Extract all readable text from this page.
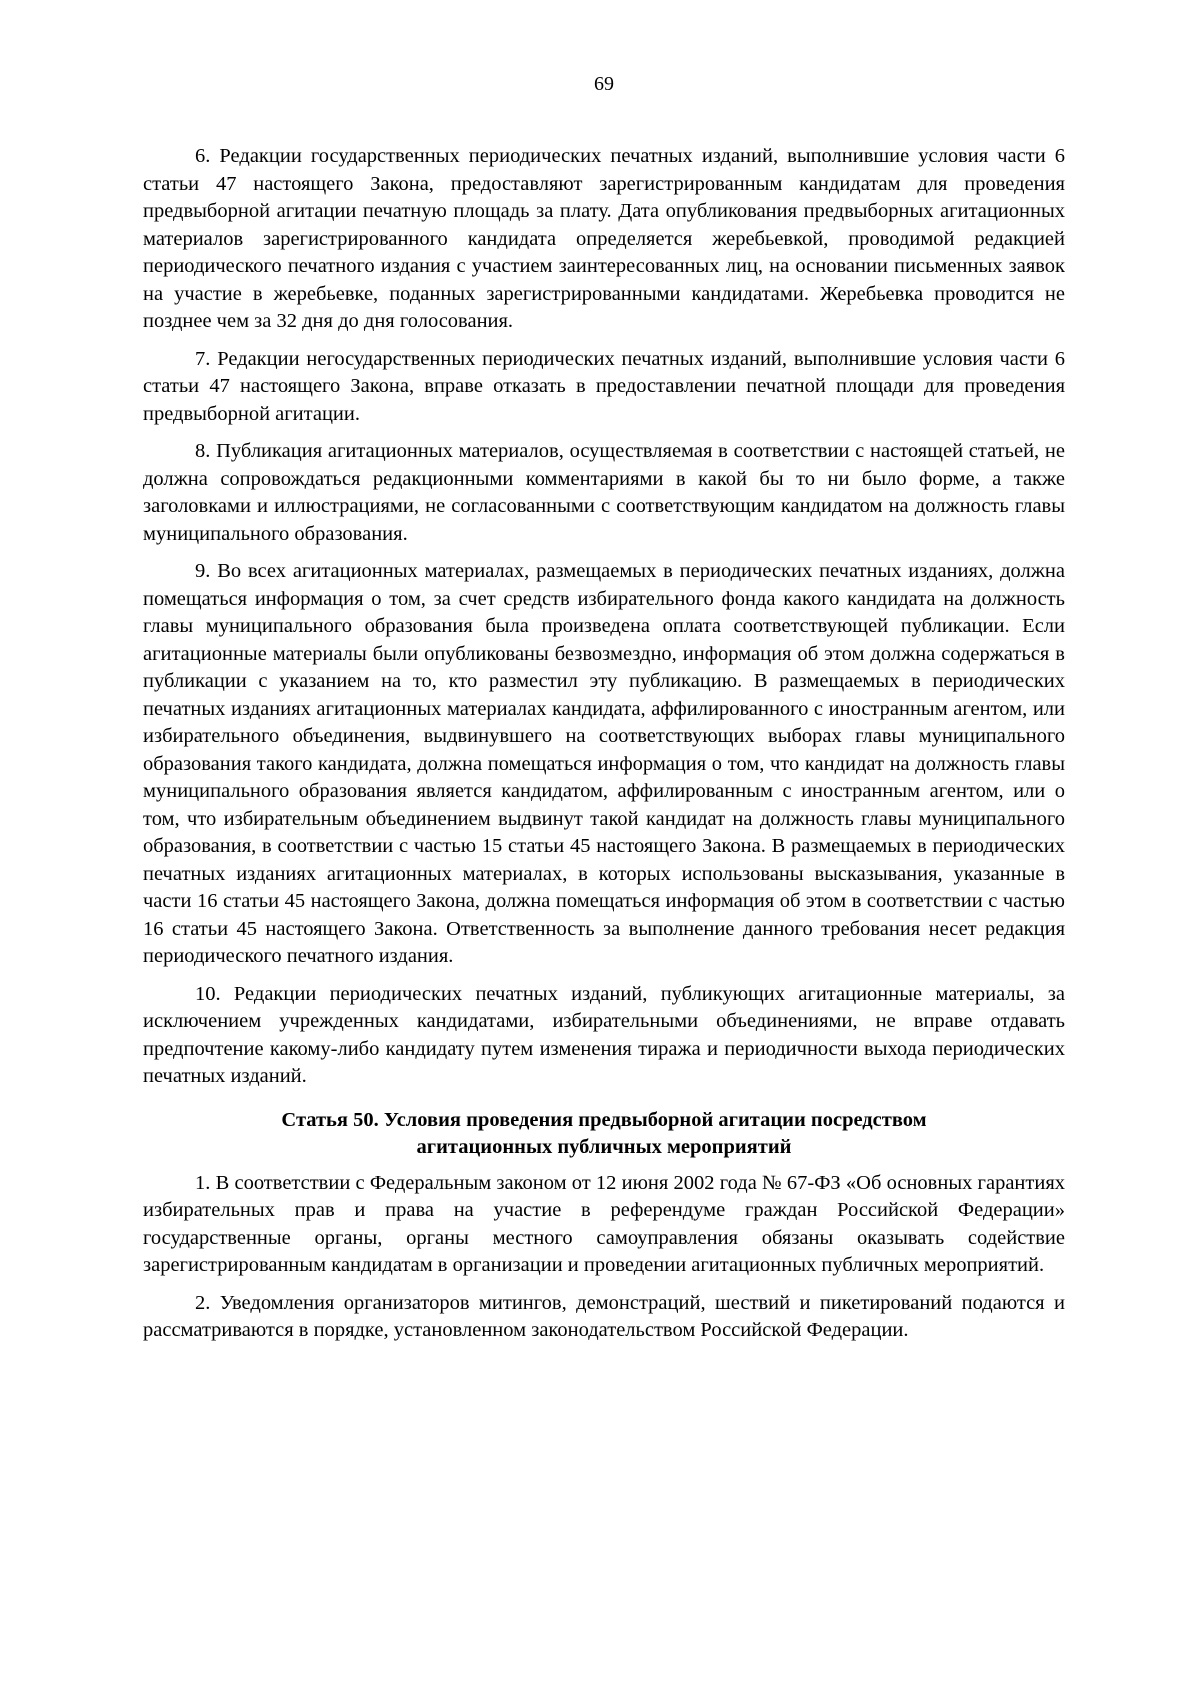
69

6. Редакции государственных периодических печатных изданий, выполнившие условия части 6 статьи 47 настоящего Закона, предоставляют зарегистрированным кандидатам для проведения предвыборной агитации печатную площадь за плату. Дата опубликования предвыборных агитационных материалов зарегистрированного кандидата определяется жеребьевкой, проводимой редакцией периодического печатного издания с участием заинтересованных лиц, на основании письменных заявок на участие в жеребьевке, поданных зарегистрированными кандидатами. Жеребьевка проводится не позднее чем за 32 дня до дня голосования.

7. Редакции негосударственных периодических печатных изданий, выполнившие условия части 6 статьи 47 настоящего Закона, вправе отказать в предоставлении печатной площади для проведения предвыборной агитации.

8. Публикация агитационных материалов, осуществляемая в соответствии с настоящей статьей, не должна сопровождаться редакционными комментариями в какой бы то ни было форме, а также заголовками и иллюстрациями, не согласованными с соответствующим кандидатом на должность главы муниципального образования.

9. Во всех агитационных материалах, размещаемых в периодических печатных изданиях, должна помещаться информация о том, за счет средств избирательного фонда какого кандидата на должность главы муниципального образования была произведена оплата соответствующей публикации. Если агитационные материалы были опубликованы безвозмездно, информация об этом должна содержаться в публикации с указанием на то, кто разместил эту публикацию. В размещаемых в периодических печатных изданиях агитационных материалах кандидата, аффилированного с иностранным агентом, или избирательного объединения, выдвинувшего на соответствующих выборах главы муниципального образования такого кандидата, должна помещаться информация о том, что кандидат на должность главы муниципального образования является кандидатом, аффилированным с иностранным агентом, или о том, что избирательным объединением выдвинут такой кандидат на должность главы муниципального образования, в соответствии с частью 15 статьи 45 настоящего Закона. В размещаемых в периодических печатных изданиях агитационных материалах, в которых использованы высказывания, указанные в части 16 статьи 45 настоящего Закона, должна помещаться информация об этом в соответствии с частью 16 статьи 45 настоящего Закона. Ответственность за выполнение данного требования несет редакция периодического печатного издания.

10. Редакции периодических печатных изданий, публикующих агитационные материалы, за исключением учрежденных кандидатами, избирательными объединениями, не вправе отдавать предпочтение какому-либо кандидату путем изменения тиража и периодичности выхода периодических печатных изданий.

Статья 50. Условия проведения предвыборной агитации посредством
агитационных публичных мероприятий

1. В соответствии с Федеральным законом от 12 июня 2002 года № 67-ФЗ «Об основных гарантиях избирательных прав и права на участие в референдуме граждан Российской Федерации» государственные органы, органы местного самоуправления обязаны оказывать содействие зарегистрированным кандидатам в организации и проведении агитационных публичных мероприятий.

2. Уведомления организаторов митингов, демонстраций, шествий и пикетирований подаются и рассматриваются в порядке, установленном законодательством Российской Федерации.
